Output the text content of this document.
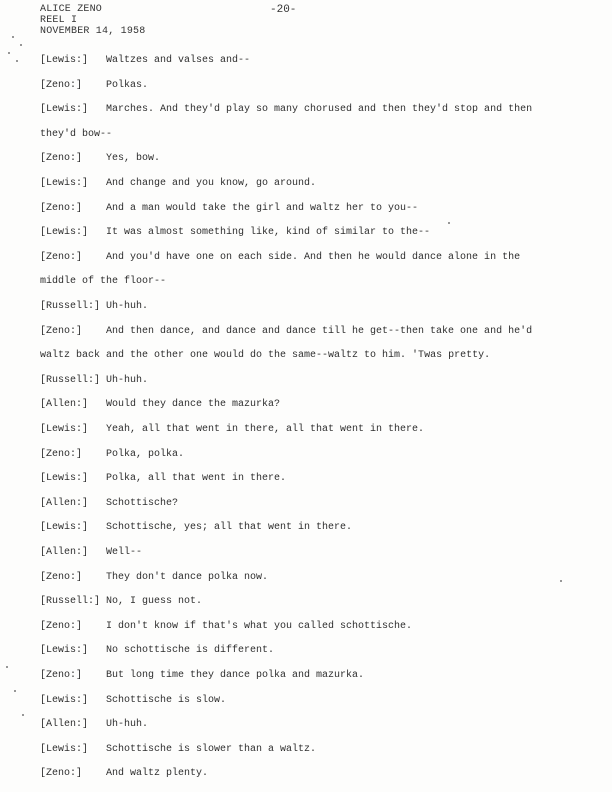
ALICE ZENO
REEL I
NOVEMBER 14, 1958
-20-
[Lewis:] Waltzes and valses and--
[Zeno:] Polkas.
[Lewis:] Marches. And they'd play so many chorused and then they'd stop and then
they'd bow--
[Zeno:] Yes, bow.
[Lewis:] And change and you know, go around.
[Zeno:] And a man would take the girl and waltz her to you--
[Lewis:] It was almost something like, kind of similar to the--
[Zeno:] And you'd have one on each side. And then he would dance alone in the
middle of the floor--
[Russell:] Uh-huh.
[Zeno:] And then dance, and dance and dance till he get--then take one and he'd
waltz back and the other one would do the same--waltz to him. 'Twas pretty.
[Russell:] Uh-huh.
[Allen:] Would they dance the mazurka?
[Lewis:] Yeah, all that went in there, all that went in there.
[Zeno:] Polka, polka.
[Lewis:] Polka, all that went in there.
[Allen:] Schottische?
[Lewis:] Schottische, yes; all that went in there.
[Allen:] Well--
[Zeno:] They don't dance polka now.
[Russell:] No, I guess not.
[Zeno:] I don't know if that's what you called schottische.
[Lewis:] No schottische is different.
[Zeno:] But long time they dance polka and mazurka.
[Lewis:] Schottische is slow.
[Allen:] Uh-huh.
[Lewis:] Schottische is slower than a waltz.
[Zeno:] And waltz plenty.
